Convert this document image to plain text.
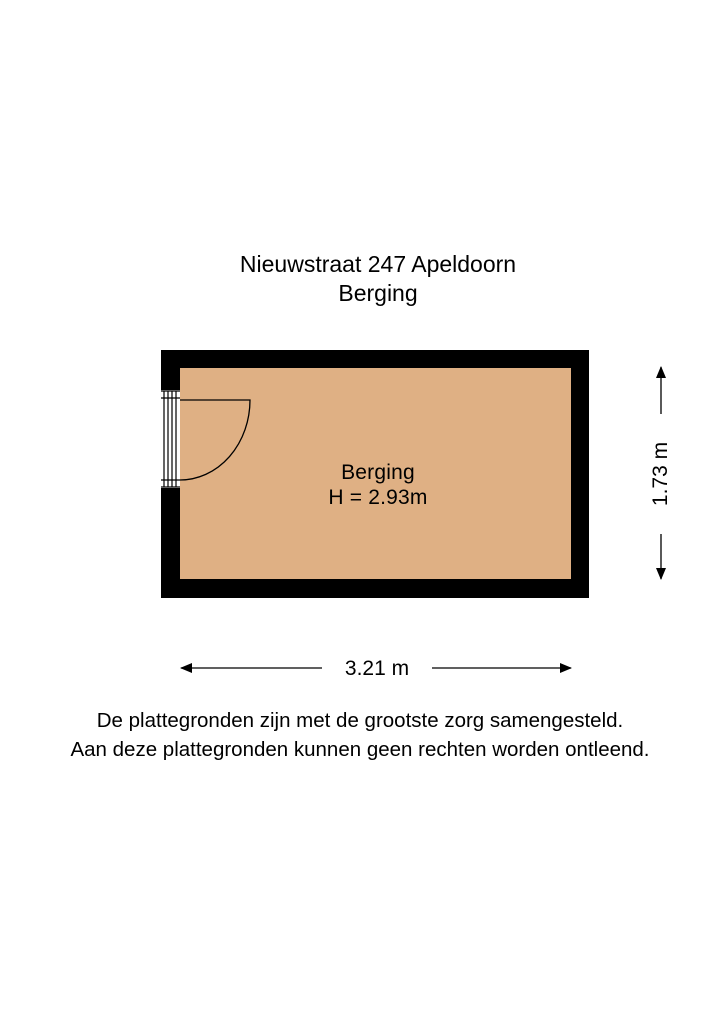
Nieuwstraat 247 Apeldoorn
Berging
Berging
H = 2.93m
3.21 m
1.73 m
De plattegronden zijn met de grootste zorg samengesteld.
Aan deze plattegronden kunnen geen rechten worden ontleend.
